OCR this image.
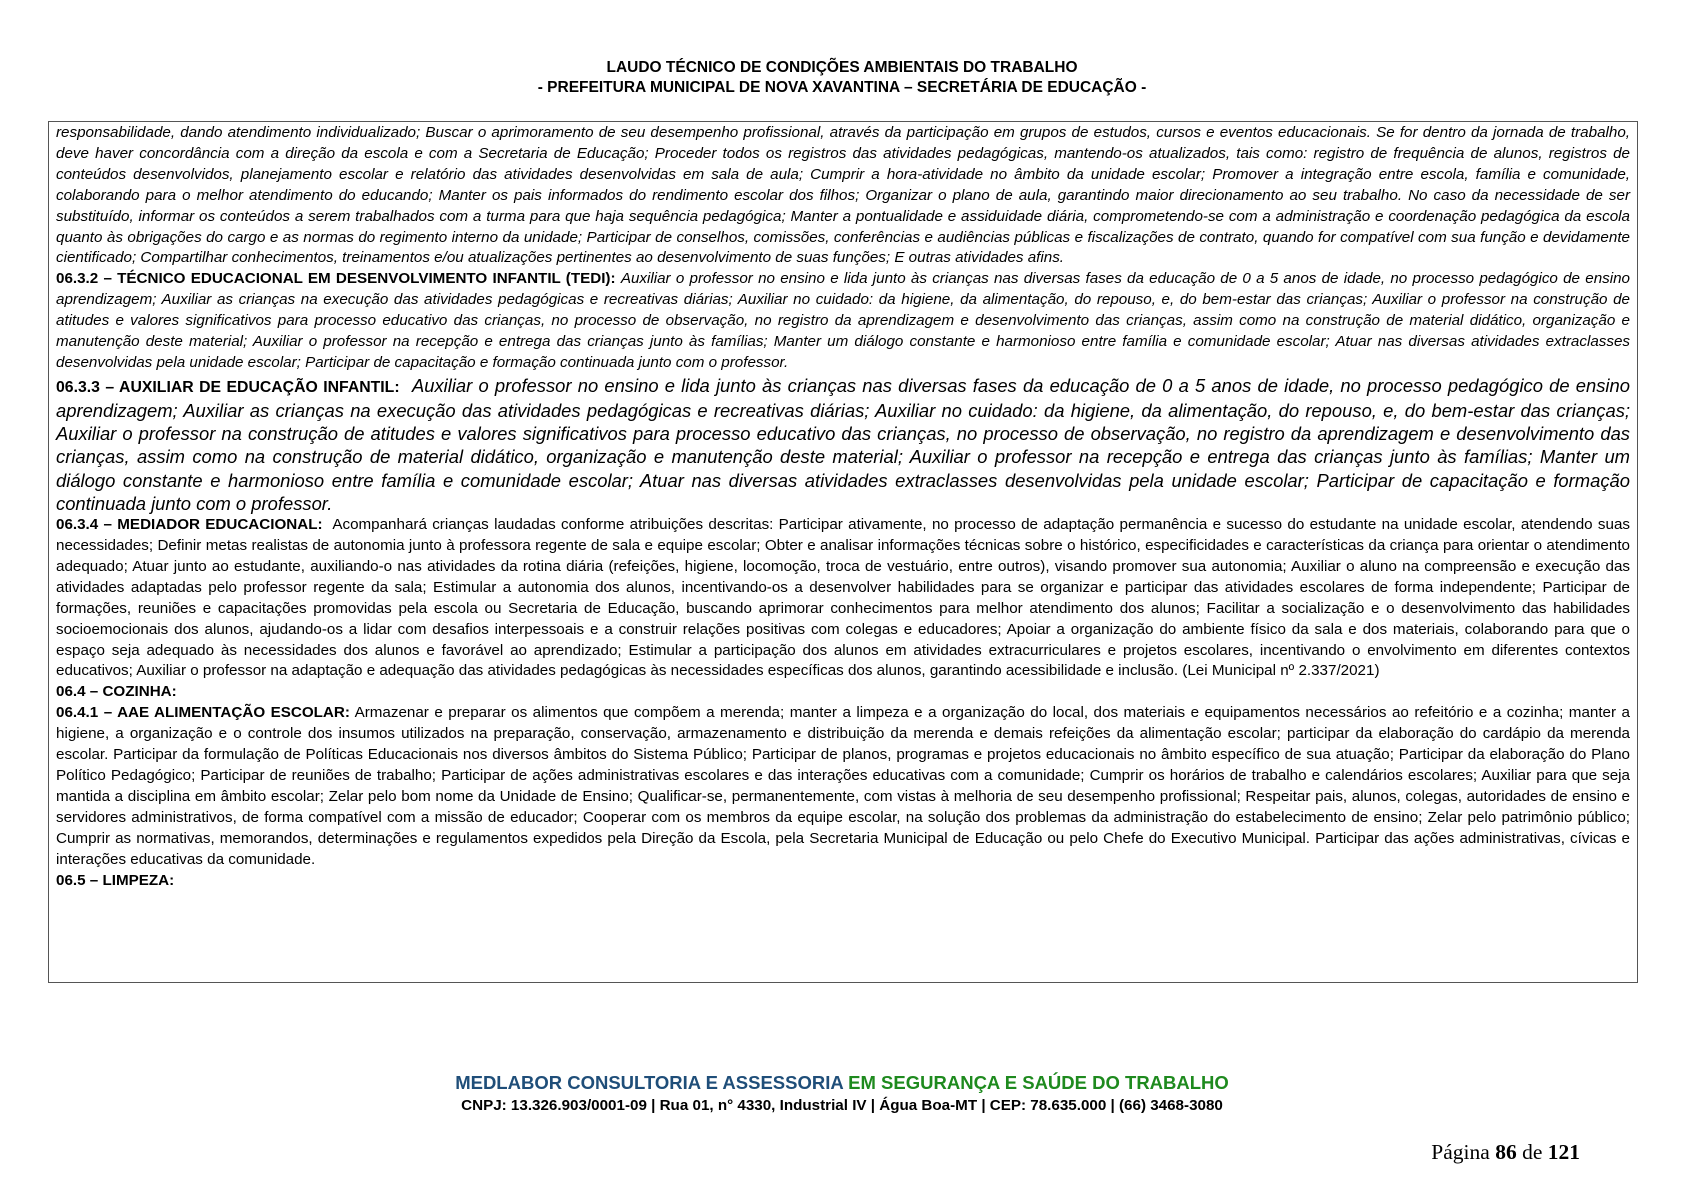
LAUDO TÉCNICO DE CONDIÇÕES AMBIENTAIS DO TRABALHO
- PREFEITURA MUNICIPAL DE NOVA XAVANTINA – SECRETÁRIA DE EDUCAÇÃO -

responsabilidade, dando atendimento individualizado; Buscar o aprimoramento de seu desempenho profissional, através da participação em grupos de estudos, cursos e eventos educacionais. Se for dentro da jornada de trabalho, deve haver concordância com a direção da escola e com a Secretaria de Educação; Proceder todos os registros das atividades pedagógicas, mantendo-os atualizados, tais como: registro de frequência de alunos, registros de conteúdos desenvolvidos, planejamento escolar e relatório das atividades desenvolvidas em sala de aula; Cumprir a hora-atividade no âmbito da unidade escolar; Promover a integração entre escola, família e comunidade, colaborando para o melhor atendimento do educando; Manter os pais informados do rendimento escolar dos filhos; Organizar o plano de aula, garantindo maior direcionamento ao seu trabalho. No caso da necessidade de ser substituído, informar os conteúdos a serem trabalhados com a turma para que haja sequência pedagógica; Manter a pontualidade e assiduidade diária, comprometendo-se com a administração e coordenação pedagógica da escola quanto às obrigações do cargo e as normas do regimento interno da unidade; Participar de conselhos, comissões, conferências e audiências públicas e fiscalizações de contrato, quando for compatível com sua função e devidamente cientificado; Compartilhar conhecimentos, treinamentos e/ou atualizações pertinentes ao desenvolvimento de suas funções; E outras atividades afins.

06.3.2 – TÉCNICO EDUCACIONAL EM DESENVOLVIMENTO INFANTIL (TEDI): Auxiliar o professor no ensino e lida junto às crianças nas diversas fases da educação de 0 a 5 anos de idade, no processo pedagógico de ensino aprendizagem; Auxiliar as crianças na execução das atividades pedagógicas e recreativas diárias; Auxiliar no cuidado: da higiene, da alimentação, do repouso, e, do bem-estar das crianças; Auxiliar o professor na construção de atitudes e valores significativos para processo educativo das crianças, no processo de observação, no registro da aprendizagem e desenvolvimento das crianças, assim como na construção de material didático, organização e manutenção deste material; Auxiliar o professor na recepção e entrega das crianças junto às famílias; Manter um diálogo constante e harmonioso entre família e comunidade escolar; Atuar nas diversas atividades extraclasses desenvolvidas pela unidade escolar; Participar de capacitação e formação continuada junto com o professor.

06.3.3 – AUXILIAR DE EDUCAÇÃO INFANTIL: Auxiliar o professor no ensino e lida junto às crianças nas diversas fases da educação de 0 a 5 anos de idade, no processo pedagógico de ensino aprendizagem; Auxiliar as crianças na execução das atividades pedagógicas e recreativas diárias; Auxiliar no cuidado: da higiene, da alimentação, do repouso, e, do bem-estar das crianças; Auxiliar o professor na construção de atitudes e valores significativos para processo educativo das crianças, no processo de observação, no registro da aprendizagem e desenvolvimento das crianças, assim como na construção de material didático, organização e manutenção deste material; Auxiliar o professor na recepção e entrega das crianças junto às famílias; Manter um diálogo constante e harmonioso entre família e comunidade escolar; Atuar nas diversas atividades extraclasses desenvolvidas pela unidade escolar; Participar de capacitação e formação continuada junto com o professor.

06.3.4 – MEDIADOR EDUCACIONAL: Acompanhará crianças laudadas conforme atribuições descritas: Participar ativamente, no processo de adaptação permanência e sucesso do estudante na unidade escolar, atendendo suas necessidades; Definir metas realistas de autonomia junto à professora regente de sala e equipe escolar; Obter e analisar informações técnicas sobre o histórico, especificidades e características da criança para orientar o atendimento adequado; Atuar junto ao estudante, auxiliando-o nas atividades da rotina diária (refeições, higiene, locomoção, troca de vestuário, entre outros), visando promover sua autonomia; Auxiliar o aluno na compreensão e execução das atividades adaptadas pelo professor regente da sala; Estimular a autonomia dos alunos, incentivando-os a desenvolver habilidades para se organizar e participar das atividades escolares de forma independente; Participar de formações, reuniões e capacitações promovidas pela escola ou Secretaria de Educação, buscando aprimorar conhecimentos para melhor atendimento dos alunos; Facilitar a socialização e o desenvolvimento das habilidades socioemocionais dos alunos, ajudando-os a lidar com desafios interpessoais e a construir relações positivas com colegas e educadores; Apoiar a organização do ambiente físico da sala e dos materiais, colaborando para que o espaço seja adequado às necessidades dos alunos e favorável ao aprendizado; Estimular a participação dos alunos em atividades extracurriculares e projetos escolares, incentivando o envolvimento em diferentes contextos educativos; Auxiliar o professor na adaptação e adequação das atividades pedagógicas às necessidades específicas dos alunos, garantindo acessibilidade e inclusão. (Lei Municipal nº 2.337/2021)

06.4 – COZINHA:

06.4.1 – AAE ALIMENTAÇÃO ESCOLAR: Armazenar e preparar os alimentos que compõem a merenda; manter a limpeza e a organização do local, dos materiais e equipamentos necessários ao refeitório e a cozinha; manter a higiene, a organização e o controle dos insumos utilizados na preparação, conservação, armazenamento e distribuição da merenda e demais refeições da alimentação escolar; participar da elaboração do cardápio da merenda escolar. Participar da formulação de Políticas Educacionais nos diversos âmbitos do Sistema Público; Participar de planos, programas e projetos educacionais no âmbito específico de sua atuação; Participar da elaboração do Plano Político Pedagógico; Participar de reuniões de trabalho; Participar de ações administrativas escolares e das interações educativas com a comunidade; Cumprir os horários de trabalho e calendários escolares; Auxiliar para que seja mantida a disciplina em âmbito escolar; Zelar pelo bom nome da Unidade de Ensino; Qualificar-se, permanentemente, com vistas à melhoria de seu desempenho profissional; Respeitar pais, alunos, colegas, autoridades de ensino e servidores administrativos, de forma compatível com a missão de educador; Cooperar com os membros da equipe escolar, na solução dos problemas da administração do estabelecimento de ensino; Zelar pelo patrimônio público; Cumprir as normativas, memorandos, determinações e regulamentos expedidos pela Direção da Escola, pela Secretaria Municipal de Educação ou pelo Chefe do Executivo Municipal. Participar das ações administrativas, cívicas e interações educativas da comunidade.

06.5 – LIMPEZA:

MEDLABOR CONSULTORIA E ASSESSORIA EM SEGURANÇA E SAÚDE DO TRABALHO
CNPJ: 13.326.903/0001-09 | Rua 01, n° 4330, Industrial IV | Água Boa-MT | CEP: 78.635.000 | (66) 3468-3080
Página 86 de 121
